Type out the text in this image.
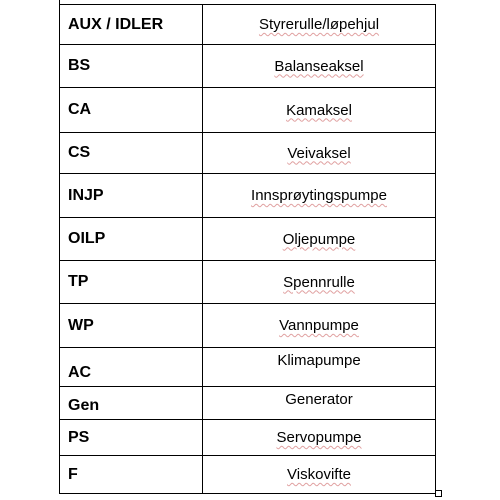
AUX / IDLER	Styrerulle/løpehjul
BS	Balanseaksel
CA	Kamaksel
CS	Veivaksel
INJP	Innsprøytingspumpe
OILP	Oljepumpe
TP	Spennrulle
WP	Vannpumpe
AC	Klimapumpe
Gen	Generator
PS	Servopumpe
F	Viskovifte
